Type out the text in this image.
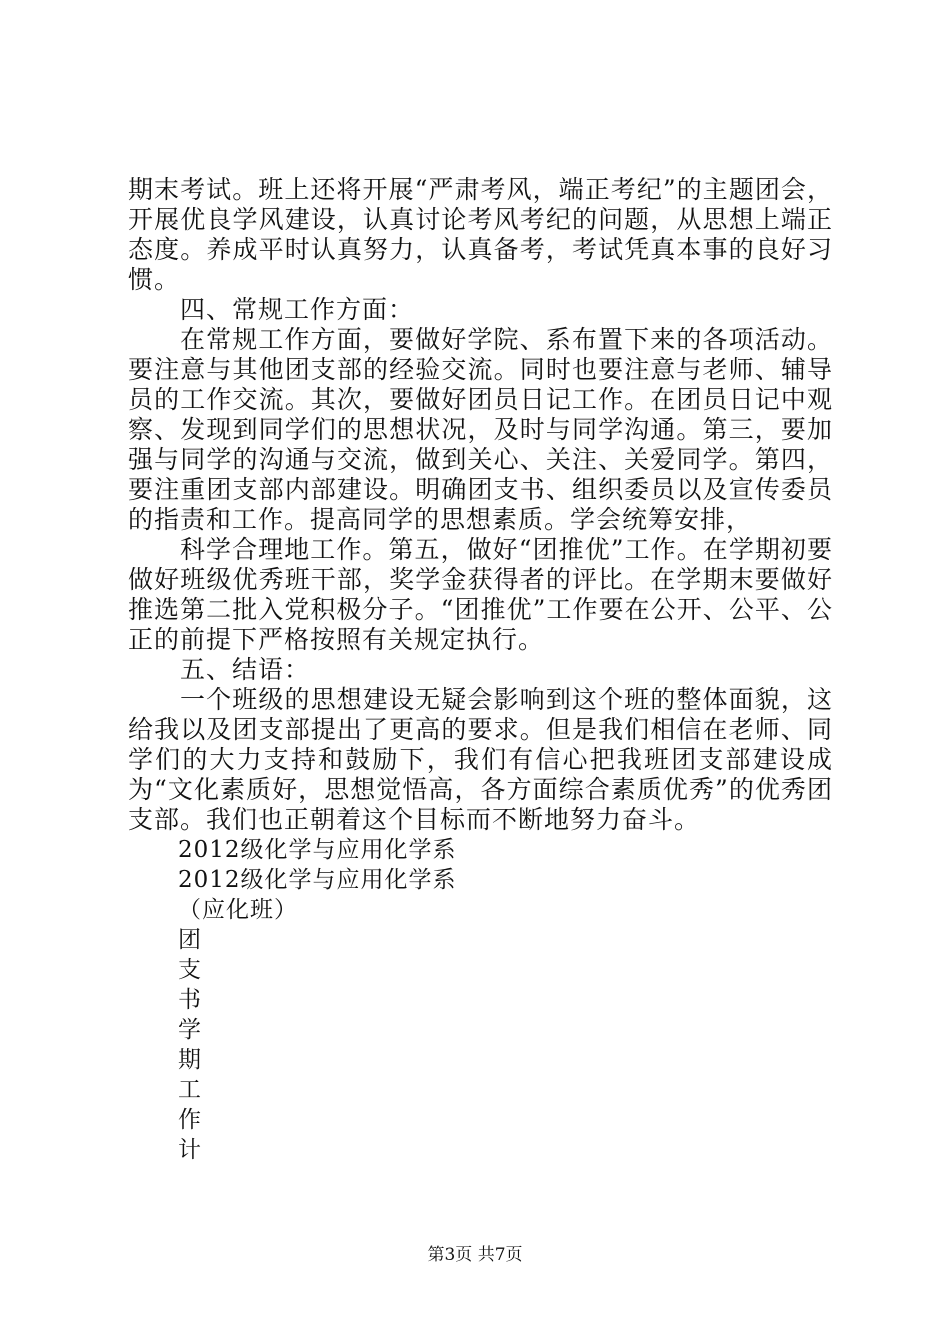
期末考试。班上还将开展“严肃考风，端正考纪”的主题团会，开展优良学风建设，认真讨论考风考纪的问题，从思想上端正态度。养成平时认真努力，认真备考，考试凭真本事的良好习惯。

四、常规工作方面：

在常规工作方面，要做好学院、系布置下来的各项活动。要注意与其他团支部的经验交流。同时也要注意与老师、辅导员的工作交流。其次，要做好团员日记工作。在团员日记中观察、发现到同学们的思想状况，及时与同学沟通。第三，要加强与同学的沟通与交流，做到关心、关注、关爱同学。第四，要注重团支部内部建设。明确团支书、组织委员以及宣传委员的指责和工作。提高同学的思想素质。学会统筹安排，

科学合理地工作。第五，做好“团推优”工作。在学期初要做好班级优秀班干部，奖学金获得者的评比。在学期末要做好推选第二批入党积极分子。“团推优”工作要在公开、公平、公正的前提下严格按照有关规定执行。

五、结语：

一个班级的思想建设无疑会影响到这个班的整体面貌，这给我以及团支部提出了更高的要求。但是我们相信在老师、同学们的大力支持和鼓励下，我们有信心把我班团支部建设成为“文化素质好，思想觉悟高，各方面综合素质优秀”的优秀团支部。我们也正朝着这个目标而不断地努力奋斗。

2012级化学与应用化学系

2012级化学与应用化学系

（应化班）

团

支

书

学

期

工

作

计

第3页 共7页
